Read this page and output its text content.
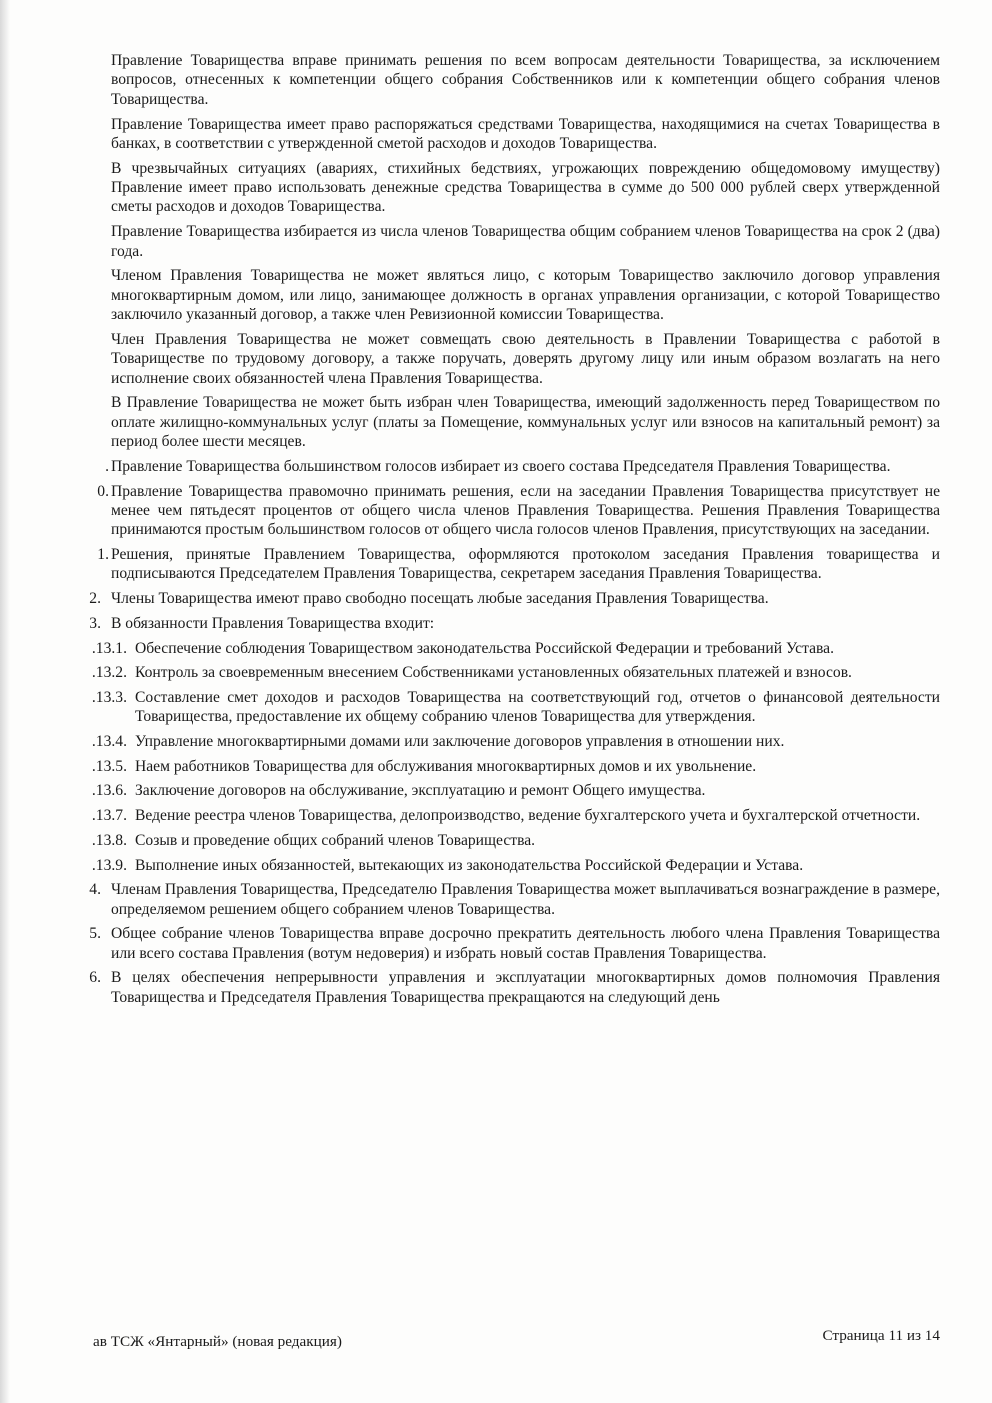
Правление Товарищества вправе принимать решения по всем вопросам деятельности Товарищества, за исключением вопросов, отнесенных к компетенции общего собрания Собственников или к компетенции общего собрания членов Товарищества.
Правление Товарищества имеет право распоряжаться средствами Товарищества, находящимися на счетах Товарищества в банках, в соответствии с утвержденной сметой расходов и доходов Товарищества.
В чрезвычайных ситуациях (авариях, стихийных бедствиях, угрожающих повреждению общедомовому имуществу) Правление имеет право использовать денежные средства Товарищества в сумме до 500 000 рублей сверх утвержденной сметы расходов и доходов Товарищества.
Правление Товарищества избирается из числа членов Товарищества общим собранием членов Товарищества на срок 2 (два) года.
Членом Правления Товарищества не может являться лицо, с которым Товарищество заключило договор управления многоквартирным домом, или лицо, занимающее должность в органах управления организации, с которой Товарищество заключило указанный договор, а также член Ревизионной комиссии Товарищества.
Член Правления Товарищества не может совмещать свою деятельность в Правлении Товарищества с работой в Товариществе по трудовому договору, а также поручать, доверять другому лицу или иным образом возлагать на него исполнение своих обязанностей члена Правления Товарищества.
В Правление Товарищества не может быть избран член Товарищества, имеющий задолженность перед Товариществом по оплате жилищно-коммунальных услуг (платы за Помещение, коммунальных услуг или взносов на капитальный ремонт) за период более шести месяцев.
. Правление Товарищества большинством голосов избирает из своего состава Председателя Правления Товарищества.
0. Правление Товарищества правомочно принимать решения, если на заседании Правления Товарищества присутствует не менее чем пятьдесят процентов от общего числа членов Правления Товарищества. Решения Правления Товарищества принимаются простым большинством голосов от общего числа голосов членов Правления, присутствующих на заседании.
1. Решения, принятые Правлением Товарищества, оформляются протоколом заседания Правления товарищества и подписываются Председателем Правления Товарищества, секретарем заседания Правления Товарищества.
2. Члены Товарищества имеют право свободно посещать любые заседания Правления Товарищества.
3. В обязанности Правления Товарищества входит:
.13.1. Обеспечение соблюдения Товариществом законодательства Российской Федерации и требований Устава.
.13.2. Контроль за своевременным внесением Собственниками установленных обязательных платежей и взносов.
.13.3. Составление смет доходов и расходов Товарищества на соответствующий год, отчетов о финансовой деятельности Товарищества, предоставление их общему собранию членов Товарищества для утверждения.
.13.4. Управление многоквартирными домами или заключение договоров управления в отношении них.
.13.5. Наем работников Товарищества для обслуживания многоквартирных домов и их увольнение.
.13.6. Заключение договоров на обслуживание, эксплуатацию и ремонт Общего имущества.
.13.7. Ведение реестра членов Товарищества, делопроизводство, ведение бухгалтерского учета и бухгалтерской отчетности.
.13.8. Созыв и проведение общих собраний членов Товарищества.
.13.9. Выполнение иных обязанностей, вытекающих из законодательства Российской Федерации и Устава.
4. Членам Правления Товарищества, Председателю Правления Товарищества может выплачиваться вознаграждение в размере, определяемом решением общего собранием членов Товарищества.
5. Общее собрание членов Товарищества вправе досрочно прекратить деятельность любого члена Правления Товарищества или всего состава Правления (вотум недоверия) и избрать новый состав Правления Товарищества.
6. В целях обеспечения непрерывности управления и эксплуатации многоквартирных домов полномочия Правления Товарищества и Председателя Правления Товарищества прекращаются на следующий день
ав ТСЖ «Янтарный» (новая редакция)	Страница 11 из 14
